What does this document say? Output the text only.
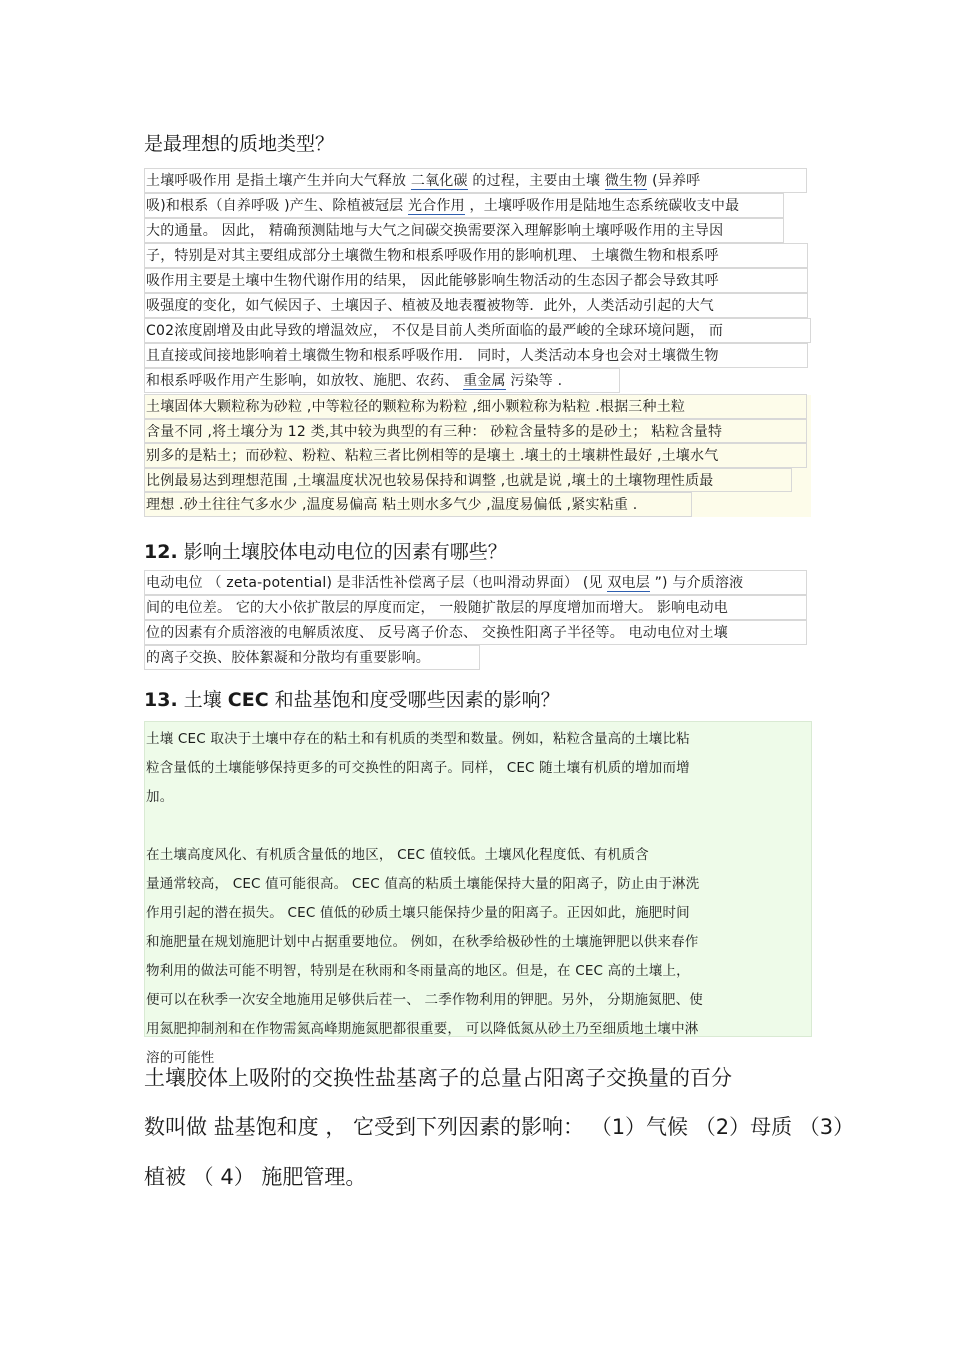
是最理想的质地类型？
土壤呼吸作用 是指土壤产生并向大气释放 二氧化碳 的过程，主要由土壤 微生物 (异养呼
吸)和根系（自养呼吸 )产生、除植被冠层 光合作用 ，土壤呼吸作用是陆地生态系统碳收支中最
大的通量。 因此， 精确预测陆地与大气之间碳交换需要深入理解影响土壤呼吸作用的主导因
子，特别是对其主要组成部分土壤微生物和根系呼吸作用的影响机理、 土壤微生物和根系呼
吸作用主要是土壤中生物代谢作用的结果， 因此能够影响生物活动的生态因子都会导致其呼
吸强度的变化，如气候因子、土壤因子、植被及地表覆被物等．此外，人类活动引起的大气
C02浓度剧增及由此导致的增温效应， 不仅是目前人类所面临的最严峻的全球环境问题， 而
且直接或间接地影响着土壤微生物和根系呼吸作用． 同时，人类活动本身也会对土壤微生物
和根系呼吸作用产生影响，如放牧、施肥、农药、 重金属 污染等 .
土壤固体大颗粒称为砂粒 ,中等粒径的颗粒称为粉粒 ,细小颗粒称为粘粒 .根据三种土粒
含量不同 ,将土壤分为 12 类,其中较为典型的有三种： 砂粒含量特多的是砂土； 粘粒含量特
别多的是粘土；而砂粒、粉粒、粘粒三者比例相等的是壤土 .壤土的土壤耕性最好 ,土壤水气
比例最易达到理想范围 ,土壤温度状况也较易保持和调整 ,也就是说 ,壤土的土壤物理性质最
理想 .砂土往往气多水少 ,温度易偏高 粘土则水多气少 ,温度易偏低 ,紧实粘重 .
12. 影响土壤胶体电动电位的因素有哪些？
电动电位 （ zeta-potential) 是非活性补偿离子层（也叫滑动界面） (见 双电层 ”) 与介质溶液
间的电位差。 它的大小依扩散层的厚度而定， 一般随扩散层的厚度增加而增大。 影响电动电
位的因素有介质溶液的电解质浓度、 反号离子价态、 交换性阳离子半径等。 电动电位对土壤
的离子交换、胶体絮凝和分散均有重要影响。
13. 土壤 CEC 和盐基饱和度受哪些因素的影响？
土壤 CEC 取决于土壤中存在的粘土和有机质的类型和数量。例如，粘粒含量高的土壤比粘
粒含量低的土壤能够保持更多的可交换性的阳离子。同样， CEC 随土壤有机质的增加而增
加。
在土壤高度风化、有机质含量低的地区， CEC 值较低。土壤风化程度低、有机质含
量通常较高， CEC 值可能很高。 CEC 值高的粘质土壤能保持大量的阳离子，防止由于淋洗
作用引起的潜在损失。 CEC 值低的砂质土壤只能保持少量的阳离子。正因如此，施肥时间
和施肥量在规划施肥计划中占据重要地位。 例如，在秋季给极砂性的土壤施钾肥以供来春作
物利用的做法可能不明智，特别是在秋雨和冬雨量高的地区。但是，在 CEC 高的土壤上，
便可以在秋季一次安全地施用足够供后茬一、 二季作物利用的钾肥。另外， 分期施氮肥、使
用氮肥抑制剂和在作物需氮高峰期施氮肥都很重要， 可以降低氮从砂土乃至细质地土壤中淋
溶的可能性
土壤胶体上吸附的交换性盐基离子的总量占阳离子交换量的百分
数叫做 盐基饱和度 ， 它受到下列因素的影响： （1）气候 （2）母质 （3）
植被 （ 4） 施肥管理。
